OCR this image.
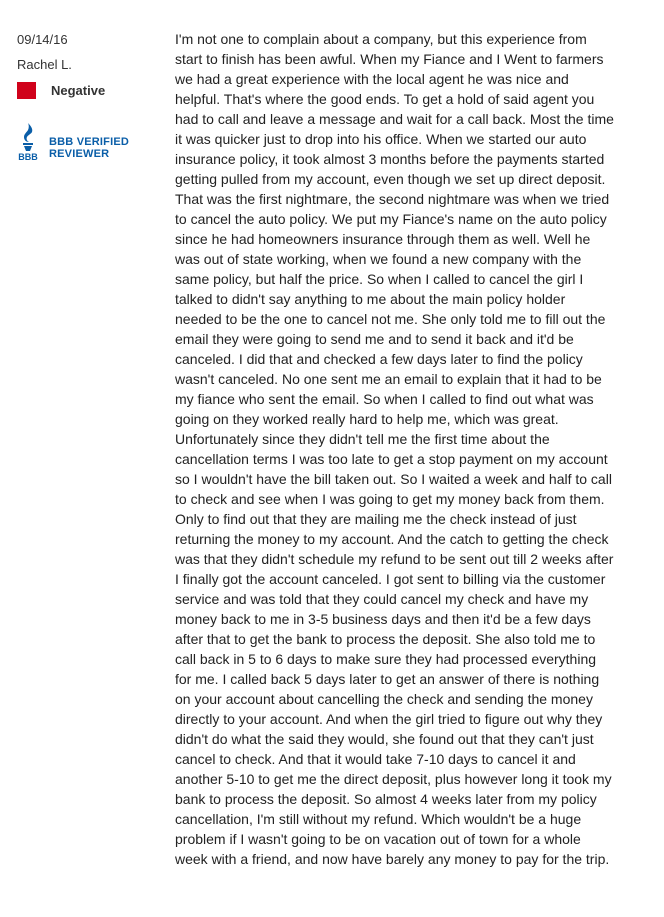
09/14/16
Rachel L.
Negative
BBB
BBB VERIFIED
REVIEWER

I'm not one to complain about a company, but this experience from start to finish has been awful. When my Fiance and I Went to farmers we had a great experience with the local agent he was nice and helpful. That's where the good ends. To get a hold of said agent you had to call and leave a message and wait for a call back. Most the time it was quicker just to drop into his office. When we started our auto insurance policy, it took almost 3 months before the payments started getting pulled from my account, even though we set up direct deposit. That was the first nightmare, the second nightmare was when we tried to cancel the auto policy. We put my Fiance's name on the auto policy since he had homeowners insurance through them as well. Well he was out of state working, when we found a new company with the same policy, but half the price. So when I called to cancel the girl I talked to didn't say anything to me about the main policy holder needed to be the one to cancel not me. She only told me to fill out the email they were going to send me and to send it back and it'd be canceled. I did that and checked a few days later to find the policy wasn't canceled. No one sent me an email to explain that it had to be my fiance who sent the email. So when I called to find out what was going on they worked really hard to help me, which was great. Unfortunately since they didn't tell me the first time about the cancellation terms I was too late to get a stop payment on my account so I wouldn't have the bill taken out. So I waited a week and half to call to check and see when I was going to get my money back from them. Only to find out that they are mailing me the check instead of just returning the money to my account. And the catch to getting the check was that they didn't schedule my refund to be sent out till 2 weeks after I finally got the account canceled. I got sent to billing via the customer service and was told that they could cancel my check and have my money back to me in 3-5 business days and then it'd be a few days after that to get the bank to process the deposit. She also told me to call back in 5 to 6 days to make sure they had processed everything for me. I called back 5 days later to get an answer of there is nothing on your account about cancelling the check and sending the money directly to your account. And when the girl tried to figure out why they didn't do what the said they would, she found out that they can't just cancel to check. And that it would take 7-10 days to cancel it and another 5-10 to get me the direct deposit, plus however long it took my bank to process the deposit. So almost 4 weeks later from my policy cancellation, I'm still without my refund. Which wouldn't be a huge problem if I wasn't going to be on vacation out of town for a whole week with a friend, and now have barely any money to pay for the trip.
